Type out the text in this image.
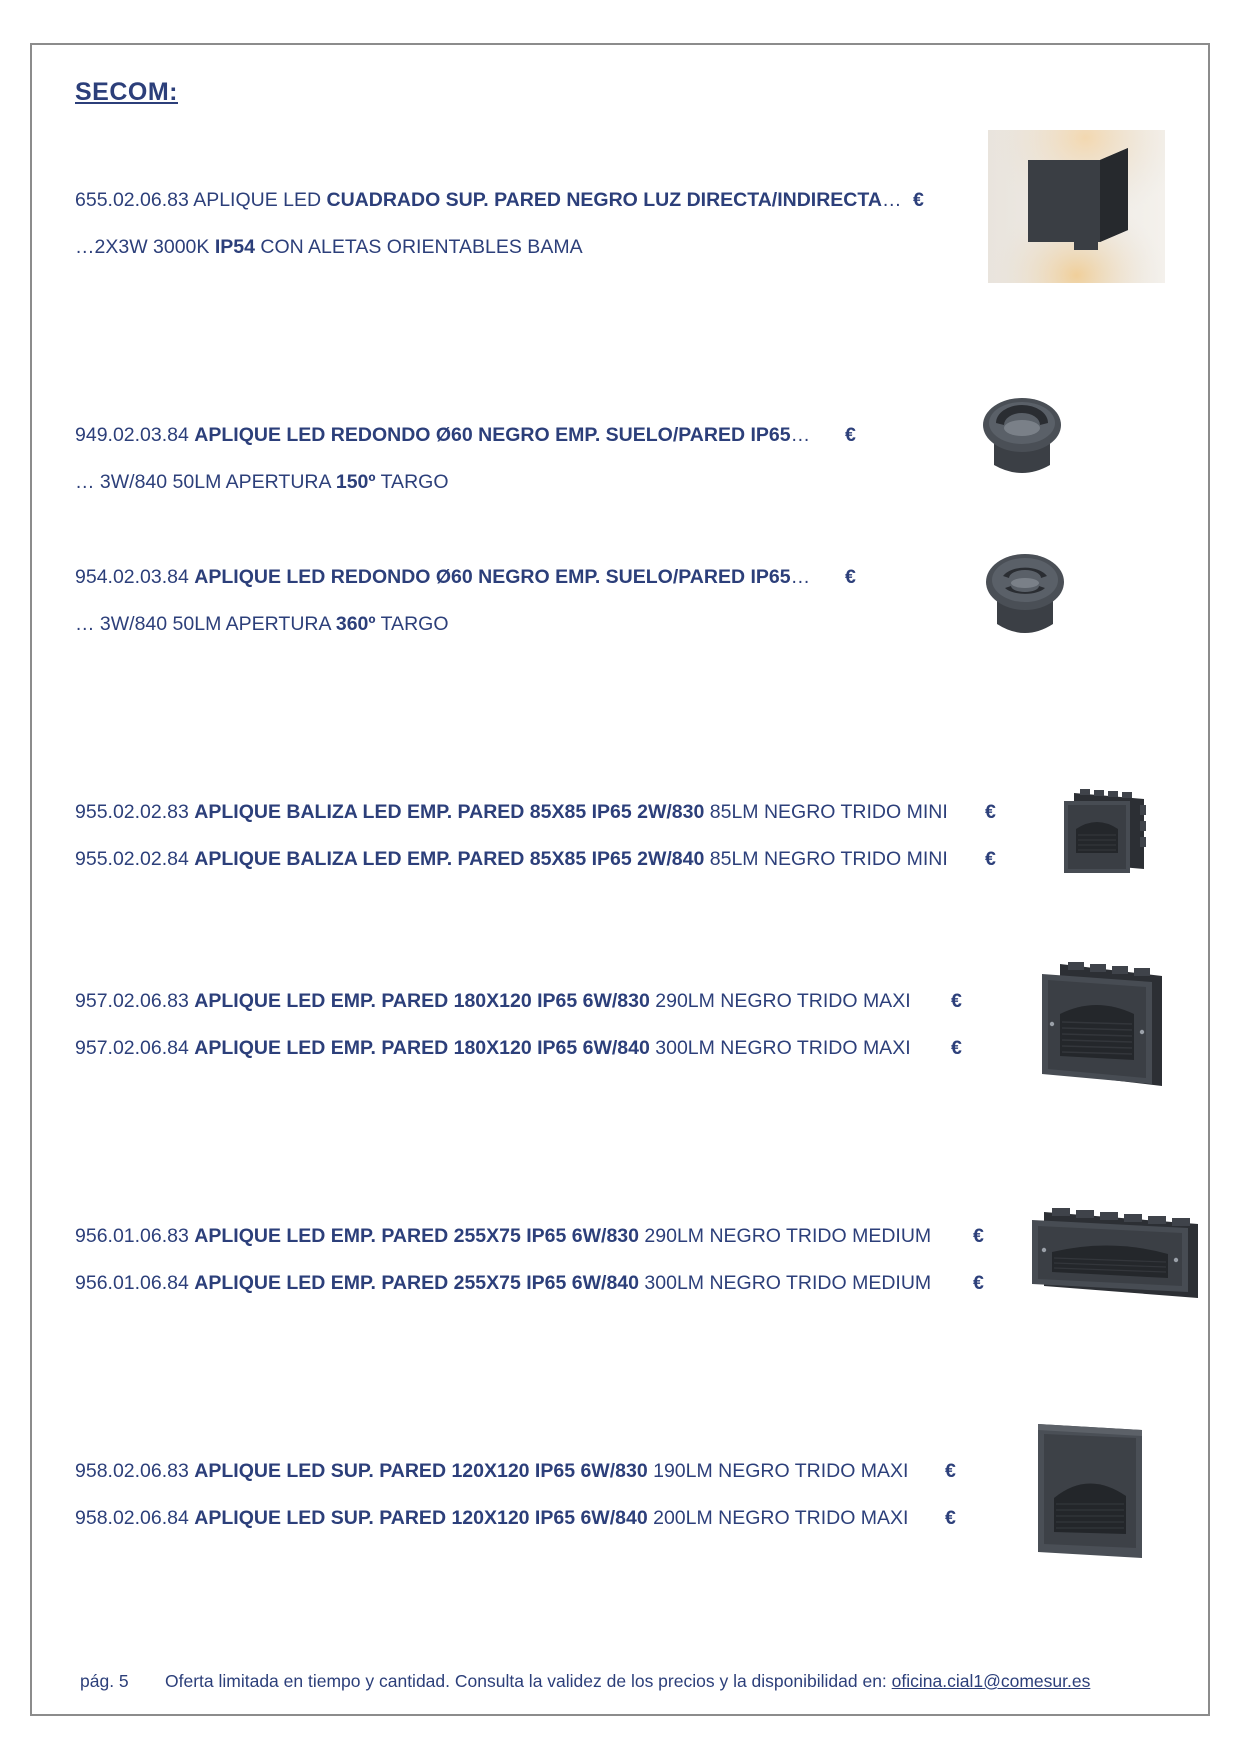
SECOM:
655.02.06.83 APLIQUE LED CUADRADO SUP. PARED NEGRO LUZ DIRECTA/INDIRECTA… €
…2X3W 3000K IP54 CON ALETAS ORIENTABLES BAMA
949.02.03.84 APLIQUE LED REDONDO Ø60 NEGRO EMP. SUELO/PARED IP65… €
… 3W/840 50LM APERTURA 150º TARGO
954.02.03.84 APLIQUE LED REDONDO Ø60 NEGRO EMP. SUELO/PARED IP65… €
… 3W/840 50LM APERTURA 360º TARGO
955.02.02.83 APLIQUE BALIZA LED EMP. PARED 85X85 IP65 2W/830 85LM NEGRO TRIDO MINI €
955.02.02.84 APLIQUE BALIZA LED EMP. PARED 85X85 IP65 2W/840 85LM NEGRO TRIDO MINI €
957.02.06.83 APLIQUE LED EMP. PARED 180X120 IP65 6W/830 290LM NEGRO TRIDO MAXI €
957.02.06.84 APLIQUE LED EMP. PARED 180X120 IP65 6W/840 300LM NEGRO TRIDO MAXI €
956.01.06.83 APLIQUE LED EMP. PARED 255X75 IP65 6W/830 290LM NEGRO TRIDO MEDIUM €
956.01.06.84 APLIQUE LED EMP. PARED 255X75 IP65 6W/840 300LM NEGRO TRIDO MEDIUM €
958.02.06.83 APLIQUE LED SUP. PARED 120X120 IP65 6W/830 190LM NEGRO TRIDO MAXI €
958.02.06.84 APLIQUE LED SUP. PARED 120X120 IP65 6W/840 200LM NEGRO TRIDO MAXI €
pág. 5 Oferta limitada en tiempo y cantidad. Consulta la validez de los precios y la disponibilidad en: oficina.cial1@comesur.es
